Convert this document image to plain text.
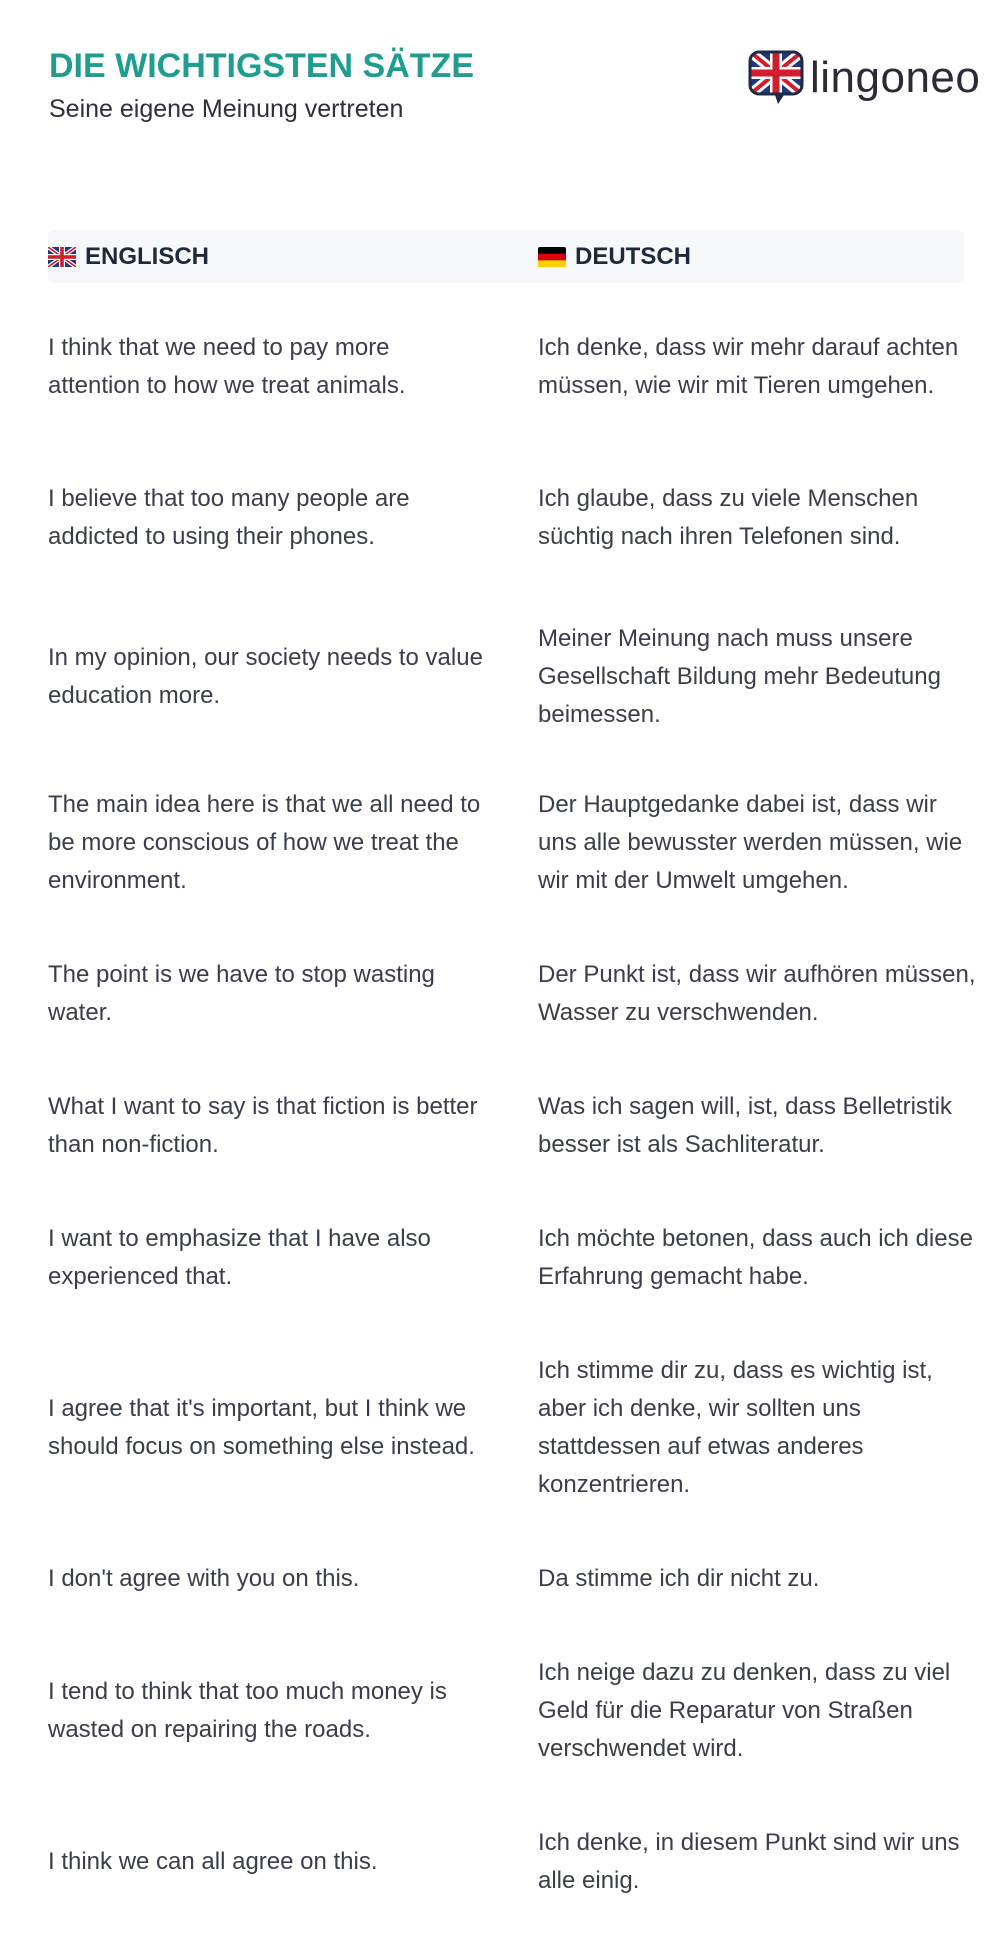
DIE WICHTIGSTEN SÄTZE
Seine eigene Meinung vertreten
lingoneo
ENGLISCH	DEUTSCH
I think that we need to pay more attention to how we treat animals.
Ich denke, dass wir mehr darauf achten müssen, wie wir mit Tieren umgehen.
I believe that too many people are addicted to using their phones.
Ich glaube, dass zu viele Menschen süchtig nach ihren Telefonen sind.
In my opinion, our society needs to value education more.
Meiner Meinung nach muss unsere Gesellschaft Bildung mehr Bedeutung beimessen.
The main idea here is that we all need to be more conscious of how we treat the environment.
Der Hauptgedanke dabei ist, dass wir uns alle bewusster werden müssen, wie wir mit der Umwelt umgehen.
The point is we have to stop wasting water.
Der Punkt ist, dass wir aufhören müssen, Wasser zu verschwenden.
What I want to say is that fiction is better than non-fiction.
Was ich sagen will, ist, dass Belletristik besser ist als Sachliteratur.
I want to emphasize that I have also experienced that.
Ich möchte betonen, dass auch ich diese Erfahrung gemacht habe.
I agree that it's important, but I think we should focus on something else instead.
Ich stimme dir zu, dass es wichtig ist, aber ich denke, wir sollten uns stattdessen auf etwas anderes konzentrieren.
I don't agree with you on this.	Da stimme ich dir nicht zu.
I tend to think that too much money is wasted on repairing the roads.
Ich neige dazu zu denken, dass zu viel Geld für die Reparatur von Straßen verschwendet wird.
I think we can all agree on this.
Ich denke, in diesem Punkt sind wir uns alle einig.
